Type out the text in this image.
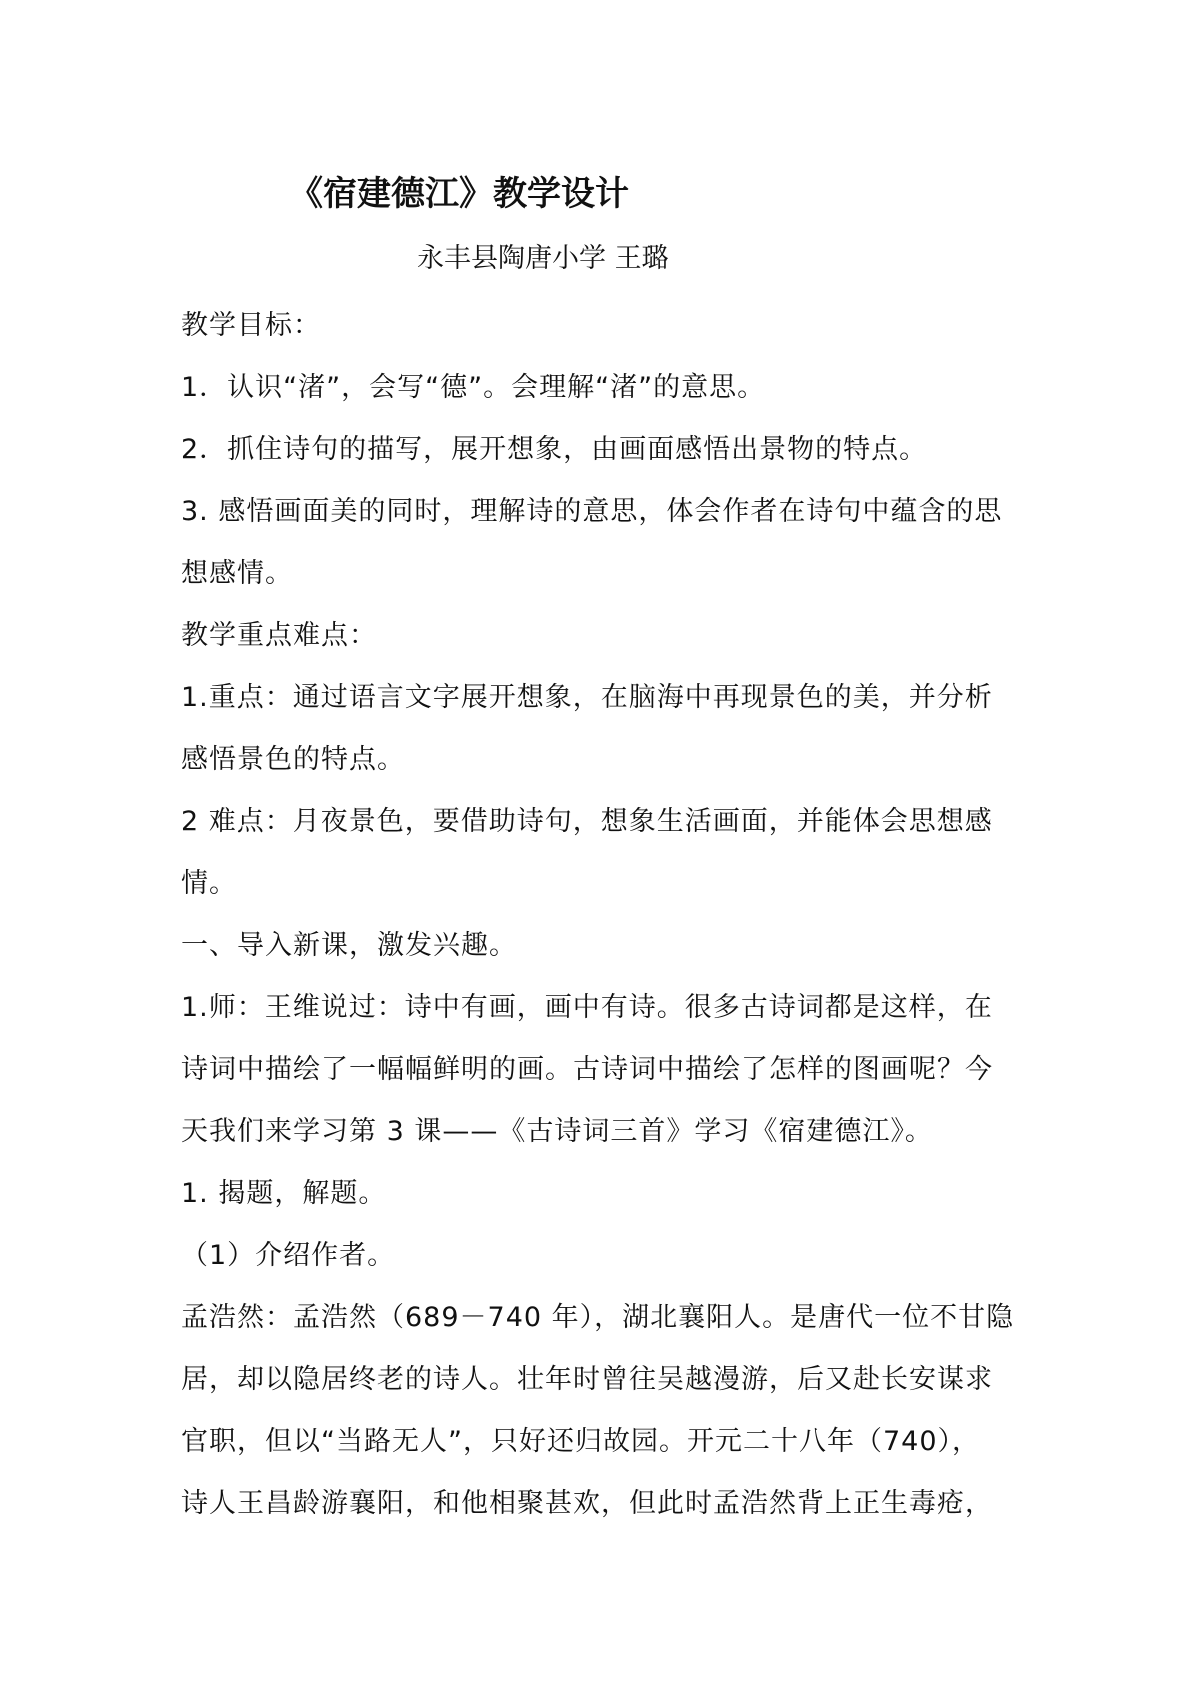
《宿建德江》教学设计
永丰县陶唐小学 王璐
教学目标：
1．认识“渚”，会写“德”。会理解“渚”的意思。
2．抓住诗句的描写，展开想象，由画面感悟出景物的特点。
3. 感悟画面美的同时，理解诗的意思，体会作者在诗句中蕴含的思
想感情。
教学重点难点：
1.重点：通过语言文字展开想象，在脑海中再现景色的美，并分析
感悟景色的特点。
2 难点：月夜景色，要借助诗句，想象生活画面，并能体会思想感
情。
一、导入新课，激发兴趣。
1.师：王维说过：诗中有画，画中有诗。很多古诗词都是这样，在
诗词中描绘了一幅幅鲜明的画。古诗词中描绘了怎样的图画呢？今
天我们来学习第 3 课——《古诗词三首》学习《宿建德江》。
1. 揭题，解题。
（1）介绍作者。
孟浩然：孟浩然（689－740 年），湖北襄阳人。是唐代一位不甘隐
居，却以隐居终老的诗人。壮年时曾往吴越漫游，后又赴长安谋求
官职，但以“当路无人”，只好还归故园。开元二十八年（740），
诗人王昌龄游襄阳，和他相聚甚欢，但此时孟浩然背上正生毒疮，
